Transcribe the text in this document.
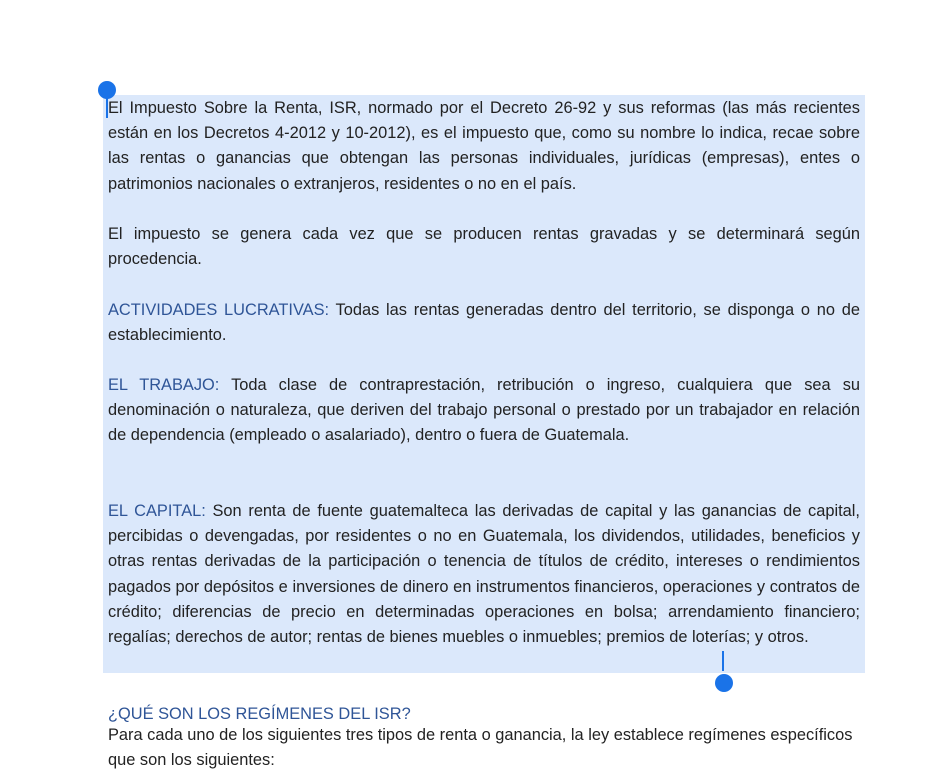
El Impuesto Sobre la Renta, ISR, normado por el Decreto 26-92 y sus reformas (las más recientes están en los Decretos 4-2012 y 10-2012), es el impuesto que, como su nombre lo indica, recae sobre las rentas o ganancias que obtengan las personas individuales, jurídicas (empresas), entes o patrimonios nacionales o extranjeros, residentes o no en el país.

El impuesto se genera cada vez que se producen rentas gravadas y se determinará según procedencia.

ACTIVIDADES LUCRATIVAS: Todas las rentas generadas dentro del territorio, se disponga o no de establecimiento.

EL TRABAJO: Toda clase de contraprestación, retribución o ingreso, cualquiera que sea su denominación o naturaleza, que deriven del trabajo personal o prestado por un trabajador en relación de dependencia (empleado o asalariado), dentro o fuera de Guatemala.

EL CAPITAL: Son renta de fuente guatemalteca las derivadas de capital y las ganancias de capital, percibidas o devengadas, por residentes o no en Guatemala, los dividendos, utilidades, beneficios y otras rentas derivadas de la participación o tenencia de títulos de crédito, intereses o rendimientos pagados por depósitos e inversiones de dinero en instrumentos financieros, operaciones y contratos de crédito; diferencias de precio en determinadas operaciones en bolsa; arrendamiento financiero; regalías; derechos de autor; rentas de bienes muebles o inmuebles; premios de loterías; y otros.

¿QUÉ SON LOS REGÍMENES DEL ISR?

Para cada uno de los siguientes tres tipos de renta o ganancia, la ley establece regímenes específicos que son los siguientes:
